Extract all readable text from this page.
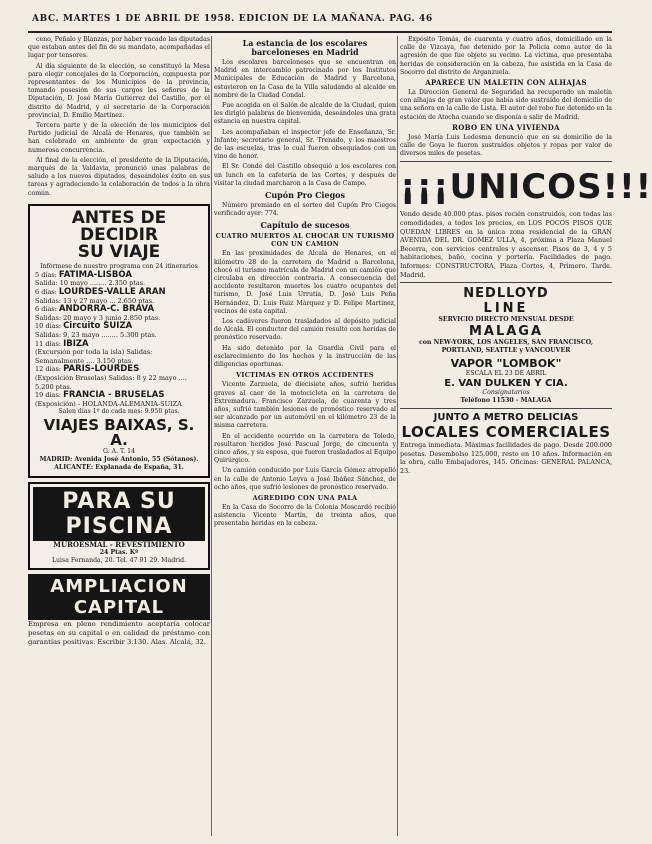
ABC. MARTES 1 DE ABRIL DE 1958. EDICION DE LA MAÑANA. PAG. 46

ceno, Peñalo y Blanzas, por haber vacado las diputadas que estaban antes del fin de su mandato, acompañadas el lugar por tensores.

Al día siguiente de la elección, se constituyó la Mesa para elegir concejales de la Corporación, compuesta por representantes de los Municipios de la provincia, tomando posesión de sus cargos los señores de la Diputación, D. José María Gutiérrez del Castillo, por el distrito de Madrid, y el secretario de la Corporación provincial, D. Emilio Martínez.

Tercera parte y de la elección de los municipios del Partido judicial de Alcalá de Henares, que también se han celebrado en ambiente de gran expectación y numerosa concurrencia.

Al final de la elección, el presidente de la Diputación, marqués de la Valdavia, pronunció unas palabras de saludo a los nuevos diputados, deseándoles éxito en sus tareas y agradeciendo la colaboración de todos a la obra común.

ANTES DE DECIDIR
SU VIAJE
Infórmese de nuestro programa con 24 itinerarios
5 días: FATIMA-LISBOA
Salida: 10 mayo ........ 2.350 ptas.
6 días: LOURDES-VALLE ARAN
Salidas: 13 y 27 mayo ... 2.650 ptas.
6 días: ANDORRA-C. BRAVA
Salidas: 20 mayo y 3 junio 2.850 ptas.
10 días: Circuito SUIZA
Salidas: 9, 23 mayo ........ 5.300 ptas.
11 días: IBIZA
(Excursión por toda la isla) Salidas: Semanalmente .... 3.150 ptas.
12 días: PARIS-LOURDES
(Exposición Bruselas) Salidas: 8 y 22 mayo .... 5.200 ptas.
19 días: FRANCIA - BRUSELAS
(Exposición) - HOLANDA-ALEMANIA-SUIZA
Salen días 1º de cada mes: 9.950 ptas.
VIAJES BAIXAS, S. A.
G. A. T. 14
MADRID: Avenida José Antonio, 55 (Sótanos). ALICANTE: Explanada de España, 31.
PARA SU PISCINA
MUROESMAL - REVESTIMIENTO
24 Ptas. Kº
Luisa Fernanda, 20. Tel. 47 91 29. Madrid.
AMPLIACION CAPITAL

Empresa en pleno rendimiento aceptaría colocar pesetas en su capital o en calidad de préstamo con garantías positivas. Escribir 3.130. Alas. Alcalá, 32.

La estancia de los escolares barceloneses en Madrid

Los escolares barceloneses que se encuentran en Madrid en intercambio patrocinado por los Institutos Municipales de Educación de Madrid y Barcelona, estuvieron en la Casa de la Villa saludando al alcalde en nombre de la Ciudad Condal.

Fue acogida en el Salón de alcalde de la Ciudad, quien les dirigió palabras de bienvenida, deseándoles una grata estancia en nuestra capital.

Les acompañaban el inspector jefe de Enseñanza, Sr. Infante; secretario general, Sr. Trenado, y los maestros de las escuelas, tras lo cual fueron obsequiados con un vino de honor.

El Sr. Conde del Castillo obsequió a los escolares con un lunch en la cafetería de las Cortes, y después de visitar la ciudad marcharon a la Casa de Campo.

Cupón Pro Ciegos

Número premiado en el sorteo del Cupón Pro Ciegos verificado ayer: 774.

Capítulo de sucesos
CUATRO MUERTOS AL CHOCAR UN TURISMO CON UN CAMION

En las proximidades de Alcalá de Henares, en el kilómetro 28 de la carretera de Madrid a Barcelona, chocó el turismo matrícula de Madrid con un camión que circulaba en dirección contraria. A consecuencia del accidente resultaron muertos los cuatro ocupantes del turismo, D. José Luis Urrutia, D. José Luis Peña Hernández, D. Luis Ruiz Márquez y D. Felipe Martínez, vecinos de esta capital.

Los cadáveres fueron trasladados al depósito judicial de Alcalá. El conductor del camión resultó con heridas de pronóstico reservado.

Ha sido detenido por la Guardia Civil para el esclarecimiento de los hechos y la instrucción de las diligencias oportunas.

VICTIMAS EN OTROS ACCIDENTES

Vicente Zarzuela, de diecisiete años, sufrió heridas graves al caer de la motocicleta en la carretera de Extremadura. Francisco Zarzuela, de cuarenta y tres años, sufrió también lesiones de pronóstico reservado al ser alcanzado por un automóvil en el kilómetro 23 de la misma carretera.

En el accidente ocurrido en la carretera de Toledo, resultaron heridos José Pascual Jorge, de cincuenta y cinco años, y su esposa, que fueron trasladados al Equipo Quirúrgico.

Un camión conducido por Luis García Gómez atropelló en la calle de Antonio Leyva a José Ibáñez Sánchez, de ocho años, que sufrió lesiones de pronóstico reservado.

AGREDIDO CON UNA PALA

En la Casa de Socorro de la Colonia Moscardó recibió asistencia Vicente Martín, de treinta años, que presentaba heridas en la cabeza.

Expósito Tomás, de cuarenta y cuatro años, domiciliado en la calle de Vizcaya, fue detenido por la Policía como autor de la agresión de que fue objeto su vecino. La víctima, que presentaba heridas de consideración en la cabeza, fue asistida en la Casa de Socorro del distrito de Arganzuela.

APARECE UN MALETIN CON ALHAJAS

La Dirección General de Seguridad ha recuperado un maletín con alhajas de gran valor que había sido sustraído del domicilio de una señora en la calle de Lista. El autor del robo fue detenido en la estación de Atocha cuando se disponía a salir de Madrid.

ROBO EN UNA VIVIENDA

José María Luis Ledesma denunció que en su domicilio de la calle de Goya le fueron sustraídos objetos y ropas por valor de diversos miles de pesetas.

¡¡¡UNICOS!!!

Vendo desde 40.000 ptas. pisos recién construidos, con todas las comodidades, a todos los precios, en LOS POCOS PISOS QUE QUEDAN LIBRES en la única zona residencial de la GRAN AVENIDA DEL DR. GOMEZ ULLA, 4, próxima a Plaza Manuel Becerra, con servicios centrales y ascensor. Pisos de 3, 4 y 5 habitaciones, baño, cocina y portería. Facilidades de pago. Informes: CONSTRUCTORA, Plaza Cortes, 4, Primero. Tarde. Madrid.

NEDLLOYD
LINE
SERVICIO DIRECTO MENSUAL DESDE
MALAGA
con NEW-YORK, LOS ANGELES, SAN FRANCISCO, PORTLAND, SEATTLE y VANCOUVER
VAPOR "LOMBOK"
ESCALA EL 23 DE ABRIL
E. VAN DULKEN Y CIA.
Consignatarios
Teléfono 11530 - MALAGA
JUNTO A METRO DELICIAS
LOCALES COMERCIALES

Entrega inmediata. Máximas facilidades de pago. Desde 200.000 pesetas. Desembolso 125.000, resto en 10 años. Información en la obra, calle Embajadores, 145. Oficinas: GENERAL PALANCA, 23.
